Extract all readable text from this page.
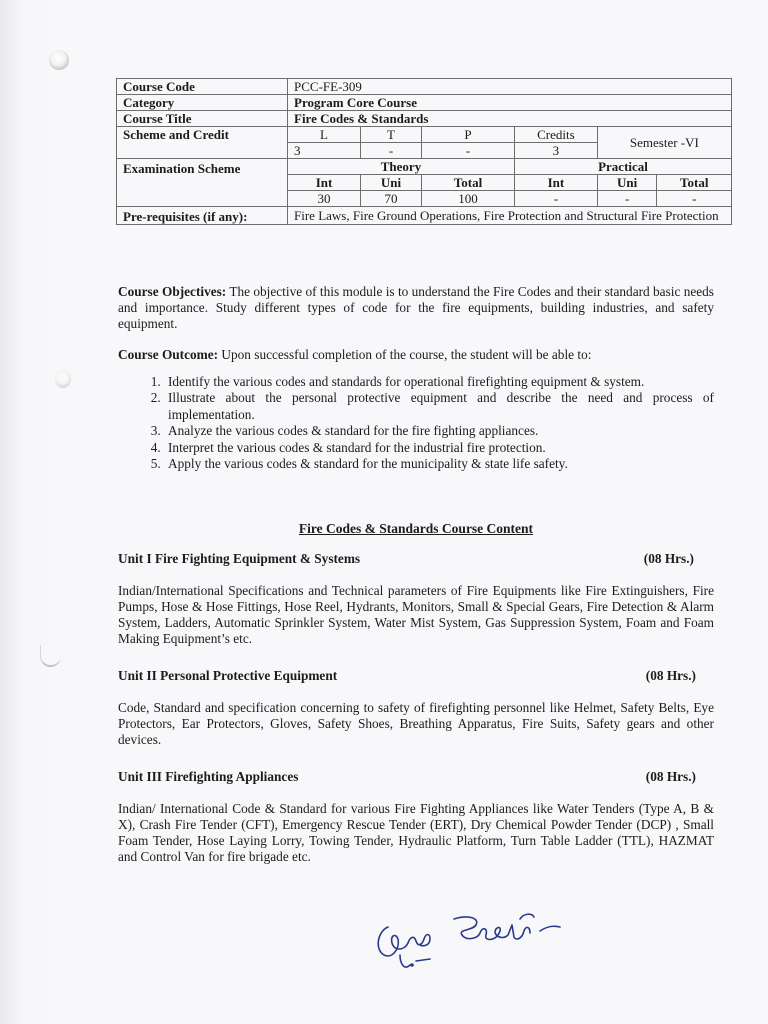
Course Code	PCC-FE-309					
Category	Program Core Course					
Course Title	Fire Codes & Standards					
Scheme and Credit	L	T	P	Credits	Semester -VI	
	3	-	-	3		
Examination Scheme	Theory			Practical		
	Int	Uni	Total	Int	Uni	Total
	30	70	100	-	-	-
Pre-requisites (if any):	Fire Laws, Fire Ground Operations, Fire Protection and Structural Fire Protection					
Course Objectives: The objective of this module is to understand the Fire Codes and their standard basic needs and importance. Study different types of code for the fire equipments, building industries, and safety equipment.
Course Outcome: Upon successful completion of the course, the student will be able to:
1. Identify the various codes and standards for operational firefighting equipment & system.
2. Illustrate about the personal protective equipment and describe the need and process of implementation.
3. Analyze the various codes & standard for the fire fighting appliances.
4. Interpret the various codes & standard for the industrial fire protection.
5. Apply the various codes & standard for the municipality & state life safety.
Fire Codes & Standards Course Content
Unit I Fire Fighting Equipment & Systems	(08 Hrs.)
Indian/International Specifications and Technical parameters of Fire Equipments like Fire Extinguishers, Fire Pumps, Hose & Hose Fittings, Hose Reel, Hydrants, Monitors, Small & Special Gears, Fire Detection & Alarm System, Ladders, Automatic Sprinkler System, Water Mist System, Gas Suppression System, Foam and Foam Making Equipment’s etc.
Unit II Personal Protective Equipment	(08 Hrs.)
Code, Standard and specification concerning to safety of firefighting personnel like Helmet, Safety Belts, Eye Protectors, Ear Protectors, Gloves, Safety Shoes, Breathing Apparatus, Fire Suits, Safety gears and other devices.
Unit III Firefighting Appliances	(08 Hrs.)
Indian/ International Code & Standard for various Fire Fighting Appliances like Water Tenders (Type A, B & X), Crash Fire Tender (CFT), Emergency Rescue Tender (ERT), Dry Chemical Powder Tender (DCP) , Small Foam Tender, Hose Laying Lorry, Towing Tender, Hydraulic Platform, Turn Table Ladder (TTL), HAZMAT and Control Van for fire brigade etc.
